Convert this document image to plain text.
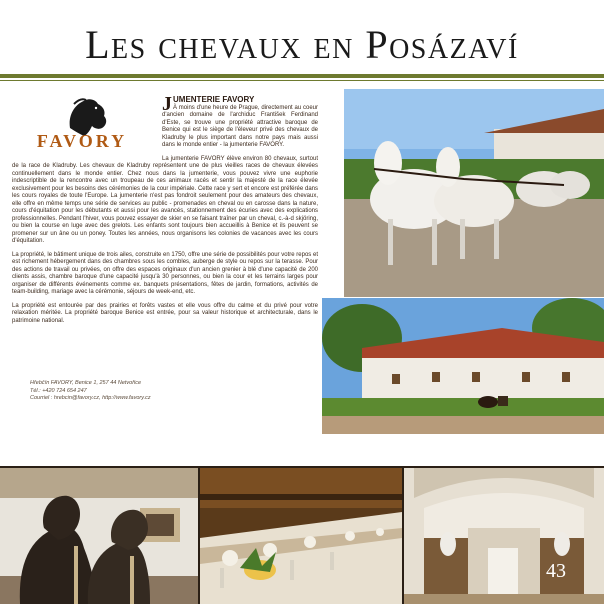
Les chevaux en Posázaví
FAVORY
JUMENTERIE FAVORY

À moins d'une heure de Prague, directement au coeur d'ancien domaine de l'archiduc František Ferdinand d'Este, se trouve une propriété attractive baroque de Benice qui est le siège de l'éleveur privé des chevaux de Kladruby le plus important dans notre pays mais aussi dans le monde entier - la jumenterie FAVORY.

La jumenterie FAVORY élève environ 80 chevaux, surtout de la race de Kladruby. Les chevaux de Kladruby représentent une de plus vieilles races de chevaux élevées continuellement dans le monde entier. Chez nous dans la jumenterie, vous pouvez vivre une euphorie indescriptible de la rencontre avec un troupeau de ces animaux racés et sentir la majesté de la race élevée exclusivement pour les besoins des cérémonies de la cour impériale. Cette race y sert et encore est préférée dans les cours royales de toute l'Europe. La jumenterie n'est pas fondroit seulement pour des amateurs des chevaux, elle offre en même temps une série de services au public - promenades en cheval ou en carosse dans la nature, cours d'équitation pour les débutants et aussi pour les avancés, stationnement des écuries avec des explications professionnelles. Pendant l'hiver, vous pouvez essayer de skier en se faisant traîner par un cheval, c.-à-d skjöring, ou bien la course en luge avec des grelots. Les enfants sont toujours bien accueillis à Benice et ils peuvent se promener sur un âne ou un poney. Toutes les années, nous organisons les colonies de vacances avec les cours d'équitation.

La propriété, le bâtiment unique de trois ailes, construite en 1750, offre une série de possibilités pour votre repos et est richement hébergement dans des chambres sous les combles, auberge de style ou repos sur la terasse. Pour des actions de travail ou privées, on offre des espaces originaux d'un ancien grenier à blé d'une capacité de 200 clients assis, chambre baroque d'une capacité jusqu'à 30 personnes, ou bien la cour et les terrains larges pour organiser de différents événements comme ex. banquets présentations, fêtes de jardin, formations, activités de team-building, mariage avec la cérémonie, séjours de week-end, etc.

La propriété est entourée par des prairies et forêts vastes et elle vous offre du calme et du privé pour votre relaxation méritée. La propriété baroque Benice est entrée, pour sa valeur historique et architecturale, dans le patrimoine national.

Hřebčín FAVORY, Benice 1, 257 44 Netvořice
Tél.: +420 724 654 247
Courriel : hrebcin@favory.cz, http://www.favory.cz
43
